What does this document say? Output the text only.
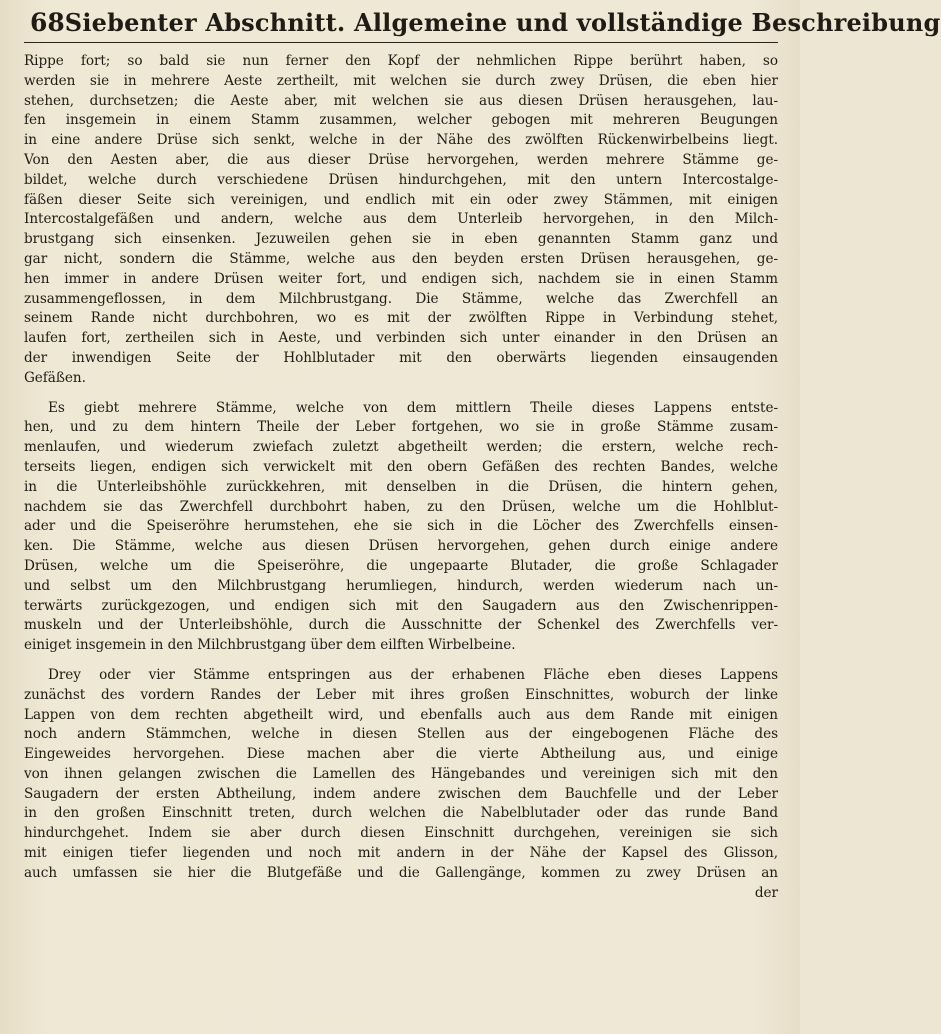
68 Siebenter Abschnitt. Allgemeine und vollständige Beschreibung
Rippe fort; so bald sie nun ferner den Kopf der nehmlichen Rippe berührt haben, so
werden sie in mehrere Aeste zertheilt, mit welchen sie durch zwey Drüsen, die eben hier
stehen, durchsetzen; die Aeste aber, mit welchen sie aus diesen Drüsen herausgehen, lau-
fen insgemein in einem Stamm zusammen, welcher gebogen mit mehreren Beugungen
in eine andere Drüse sich senkt, welche in der Nähe des zwölften Rückenwirbelbeins liegt.
Von den Aesten aber, die aus dieser Drüse hervorgehen, werden mehrere Stämme ge-
bildet, welche durch verschiedene Drüsen hindurchgehen, mit den untern Intercostalge-
fäßen dieser Seite sich vereinigen, und endlich mit ein oder zwey Stämmen, mit einigen
Intercostalgefäßen und andern, welche aus dem Unterleib hervorgehen, in den Milch-
brustgang sich einsenken. Jezuweilen gehen sie in eben genannten Stamm ganz und
gar nicht, sondern die Stämme, welche aus den beyden ersten Drüsen herausgehen, ge-
hen immer in andere Drüsen weiter fort, und endigen sich, nachdem sie in einen Stamm
zusammengeflossen, in dem Milchbrustgang. Die Stämme, welche das Zwerchfell an
seinem Rande nicht durchbohren, wo es mit der zwölften Rippe in Verbindung stehet,
laufen fort, zertheilen sich in Aeste, und verbinden sich unter einander in den Drüsen an
der inwendigen Seite der Hohlblutader mit den oberwärts liegenden einsaugenden
Gefäßen.
Es giebt mehrere Stämme, welche von dem mittlern Theile dieses Lappens entste-
hen, und zu dem hintern Theile der Leber fortgehen, wo sie in große Stämme zusam-
menlaufen, und wiederum zwiefach zuletzt abgetheilt werden; die erstern, welche rech-
terseits liegen, endigen sich verwickelt mit den obern Gefäßen des rechten Bandes, welche
in die Unterleibshöhle zurückkehren, mit denselben in die Drüsen, die hintern gehen,
nachdem sie das Zwerchfell durchbohrt haben, zu den Drüsen, welche um die Hohlblut-
ader und die Speiseröhre herumstehen, ehe sie sich in die Löcher des Zwerchfells einsen-
ken. Die Stämme, welche aus diesen Drüsen hervorgehen, gehen durch einige andere
Drüsen, welche um die Speiseröhre, die ungepaarte Blutader, die große Schlagader
und selbst um den Milchbrustgang herumliegen, hindurch, werden wiederum nach un-
terwärts zurückgezogen, und endigen sich mit den Saugadern aus den Zwischenrippen-
muskeln und der Unterleibshöhle, durch die Ausschnitte der Schenkel des Zwerchfells ver-
einiget insgemein in den Milchbrustgang über dem eilften Wirbelbeine.
Drey oder vier Stämme entspringen aus der erhabenen Fläche eben dieses Lappens
zunächst des vordern Randes der Leber mit ihres großen Einschnittes, woburch der linke
Lappen von dem rechten abgetheilt wird, und ebenfalls auch aus dem Rande mit einigen
noch andern Stämmchen, welche in diesen Stellen aus der eingebogenen Fläche des
Eingeweides hervorgehen. Diese machen aber die vierte Abtheilung aus, und einige
von ihnen gelangen zwischen die Lamellen des Hängebandes und vereinigen sich mit den
Saugadern der ersten Abtheilung, indem andere zwischen dem Bauchfelle und der Leber
in den großen Einschnitt treten, durch welchen die Nabelblutader oder das runde Band
hindurchgehet. Indem sie aber durch diesen Einschnitt durchgehen, vereinigen sie sich
mit einigen tiefer liegenden und noch mit andern in der Nähe der Kapsel des Glisson,
auch umfassen sie hier die Blutgefäße und die Gallengänge, kommen zu zwey Drüsen an
der
